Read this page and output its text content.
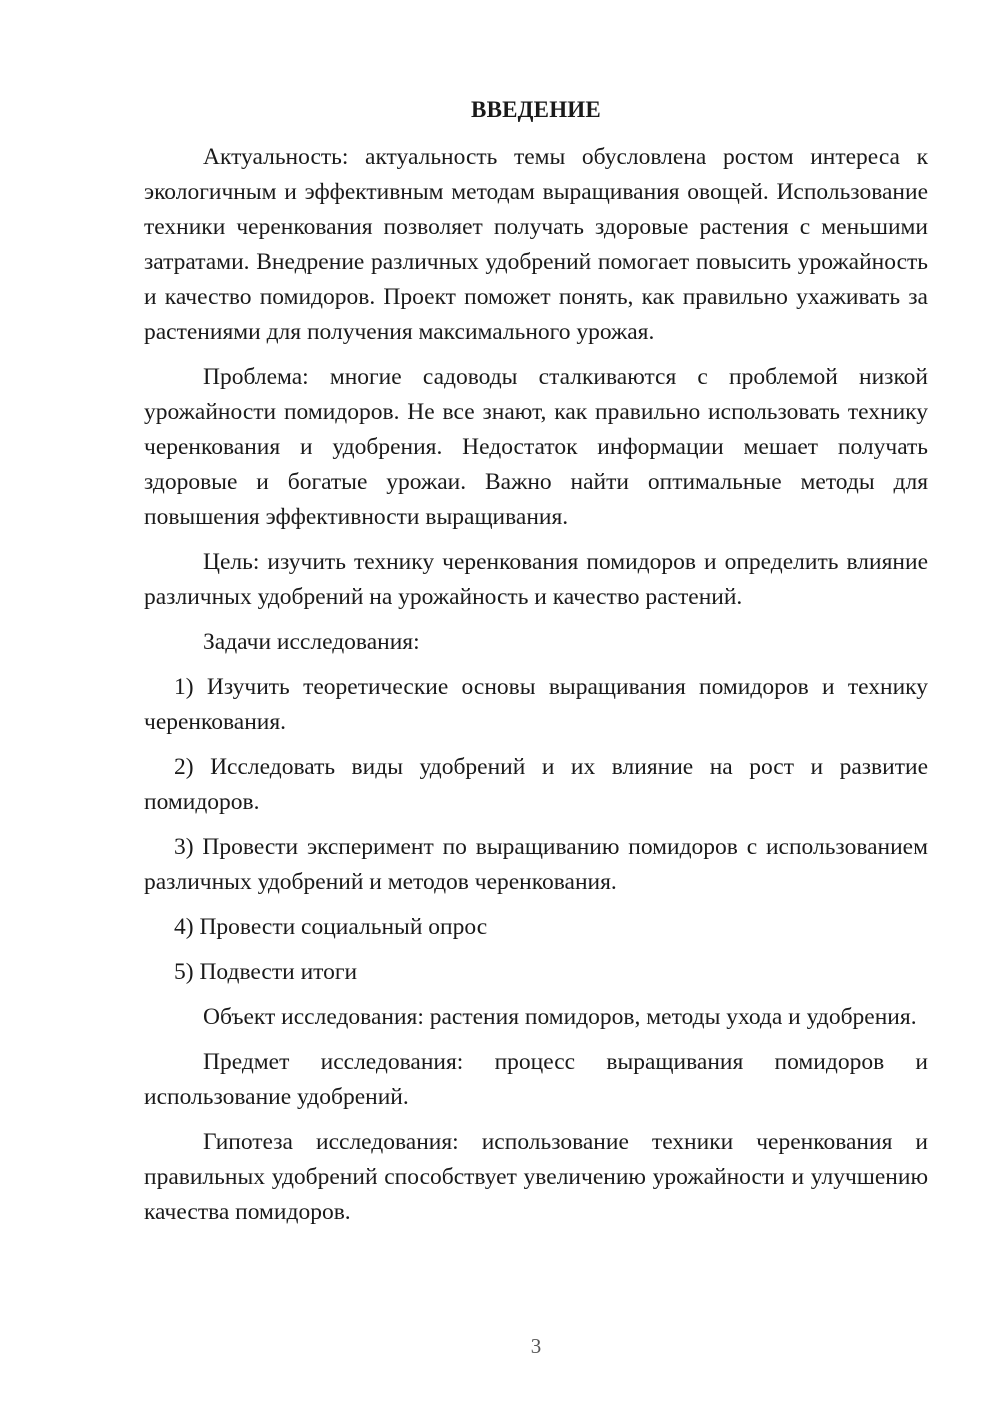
ВВЕДЕНИЕ

Актуальность: актуальность темы обусловлена ростом интереса к экологичным и эффективным методам выращивания овощей. Использование техники черенкования позволяет получать здоровые растения с меньшими затратами. Внедрение различных удобрений помогает повысить урожайность и качество помидоров. Проект поможет понять, как правильно ухаживать за растениями для получения максимального урожая.

Проблема: многие садоводы сталкиваются с проблемой низкой урожайности помидоров. Не все знают, как правильно использовать технику черенкования и удобрения. Недостаток информации мешает получать здоровые и богатые урожаи. Важно найти оптимальные методы для повышения эффективности выращивания.

Цель: изучить технику черенкования помидоров и определить влияние различных удобрений на урожайность и качество растений.

Задачи исследования:

1) Изучить теоретические основы выращивания помидоров и технику черенкования.

2) Исследовать виды удобрений и их влияние на рост и развитие помидоров.

3) Провести эксперимент по выращиванию помидоров с использованием различных удобрений и методов черенкования.

4) Провести социальный опрос

5) Подвести итоги

Объект исследования: растения помидоров, методы ухода и удобрения.

Предмет исследования: процесс выращивания помидоров и использование удобрений.

Гипотеза исследования: использование техники черенкования и правильных удобрений способствует увеличению урожайности и улучшению качества помидоров.

3
